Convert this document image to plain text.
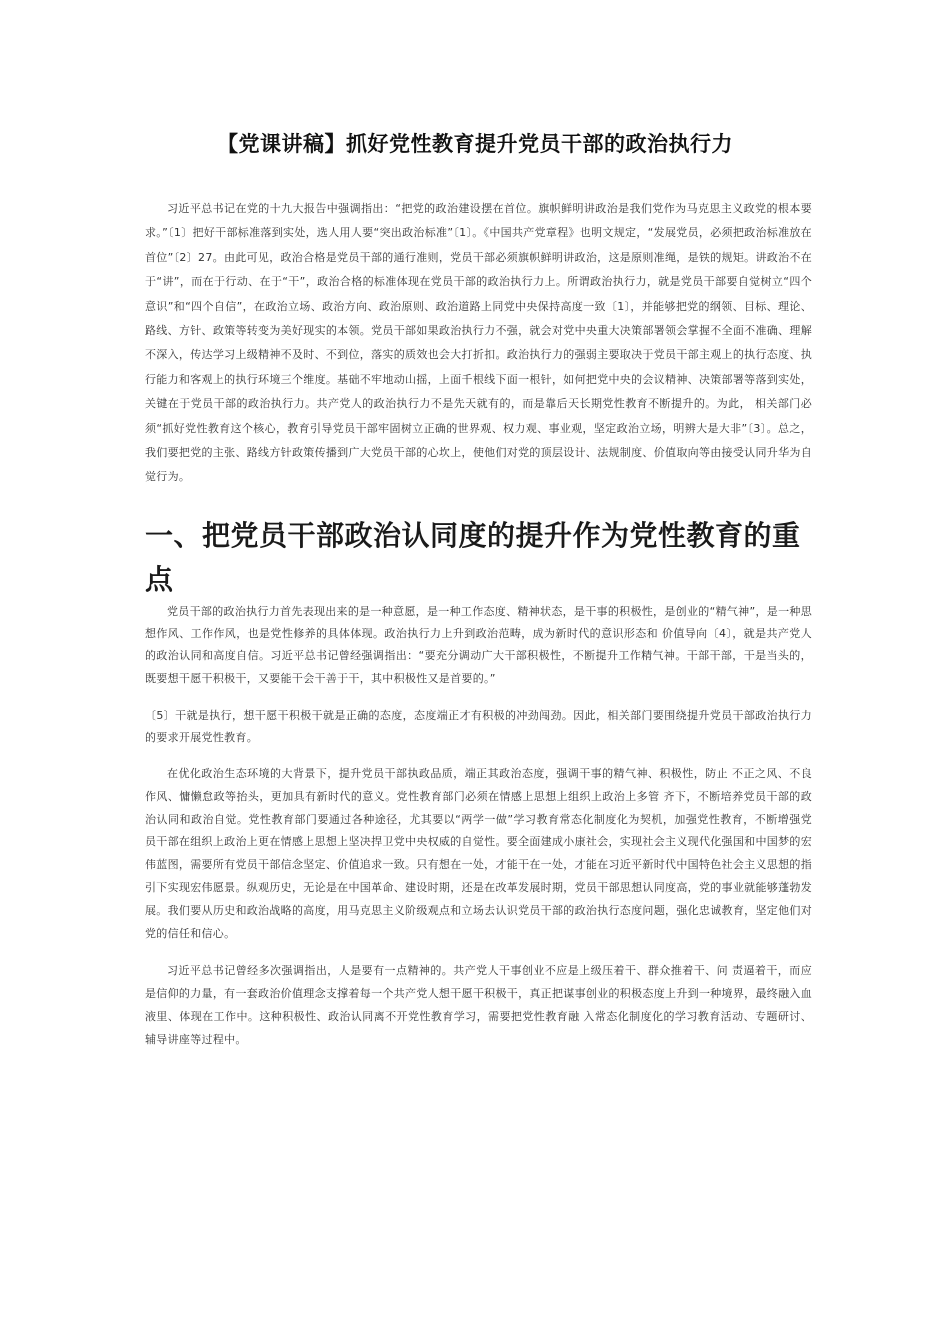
【党课讲稿】抓好党性教育提升党员干部的政治执行力

习近平总书记在党的十九大报告中强调指出：“把党的政治建设摆在首位。旗帜鲜明讲政治是我们党作为马克思主义政党的根本要求。”〔1〕把好干部标准落到实处，选人用人要“突出政治标准”〔1〕。《中国共产党章程》也明文规定，“发展党员，必须把政治标准放在首位”〔2〕27。由此可见，政治合格是党员干部的通行准则，党员干部必须旗帜鲜明讲政治，这是原则准绳，是铁的规矩。讲政治不在于“讲”，而在于行动、在于“干”，政治合格的标准体现在党员干部的政治执行力上。所谓政治执行力，就是党员干部要自觉树立“四个意识”和“四个自信”，在政治立场、政治方向、政治原则、政治道路上同党中央保持高度一致〔1〕，并能够把党的纲领、目标、理论、路线、方针、政策等转变为美好现实的本领。党员干部如果政治执行力不强，就会对党中央重大决策部署领会掌握不全面不准确、理解不深入，传达学习上级精神不及时、不到位，落实的质效也会大打折扣。政治执行力的强弱主要取决于党员干部主观上的执行态度、执行能力和客观上的执行环境三个维度。基础不牢地动山摇，上面千根线下面一根针，如何把党中央的会议精神、决策部署等落到实处， 关键在于党员干部的政治执行力。共产党人的政治执行力不是先天就有的，而是靠后天长期党性教育不断提升的。为此， 相关部门必须“抓好党性教育这个核心，教育引导党员干部牢固树立正确的世界观、权力观、事业观，坚定政治立场，明辨大是大非”〔3〕。总之，我们要把党的主张、路线方针政策传播到广大党员干部的心坎上，使他们对党的顶层设计、法规制度、价值取向等由接受认同升华为自觉行为。

一、把党员干部政治认同度的提升作为党性教育的重点

党员干部的政治执行力首先表现出来的是一种意愿，是一种工作态度、精神状态，是干事的积极性，是创业的“精气神”，是一种思想作风、工作作风，也是党性修养的具体体现。政治执行力上升到政治范畴，成为新时代的意识形态和 价值导向〔4〕，就是共产党人的政治认同和高度自信。习近平总书记曾经强调指出：“要充分调动广大干部积极性，不断提升工作精气神。干部干部，干是当头的，既要想干愿干积极干，又要能干会干善于干，其中积极性又是首要的。”

〔5〕干就是执行，想干愿干积极干就是正确的态度，态度端正才有积极的冲劲闯劲。因此，相关部门要围绕提升党员干部政治执行力的要求开展党性教育。

在优化政治生态环境的大背景下，提升党员干部执政品质，端正其政治态度，强调干事的精气神、积极性，防止 不正之风、不良作风、慵懒怠政等抬头，更加具有新时代的意义。党性教育部门必须在情感上思想上组织上政治上多管 齐下，不断培养党员干部的政治认同和政治自觉。党性教育部门要通过各种途径，尤其要以“两学一做”学习教育常态化制度化为契机，加强党性教育，不断增强党员干部在组织上政治上更在情感上思想上坚决捍卫党中央权威的自觉性。要全面建成小康社会，实现社会主义现代化强国和中国梦的宏伟蓝图，需要所有党员干部信念坚定、价值追求一致。只有想在一处，才能干在一处，才能在习近平新时代中国特色社会主义思想的指引下实现宏伟愿景。纵观历史，无论是在中国革命、建设时期，还是在改革发展时期，党员干部思想认同度高，党的事业就能够蓬勃发展。我们要从历史和政治战略的高度，用马克思主义阶级观点和立场去认识党员干部的政治执行态度问题，强化忠诚教育，坚定他们对党的信任和信心。

习近平总书记曾经多次强调指出，人是要有一点精神的。共产党人干事创业不应是上级压着干、群众推着干、问 责逼着干，而应是信仰的力量，有一套政治价值理念支撑着每一个共产党人想干愿干积极干，真正把谋事创业的积极态度上升到一种境界，最终融入血液里、体现在工作中。这种积极性、政治认同离不开党性教育学习，需要把党性教育融 入常态化制度化的学习教育活动、专题研讨、辅导讲座等过程中。
